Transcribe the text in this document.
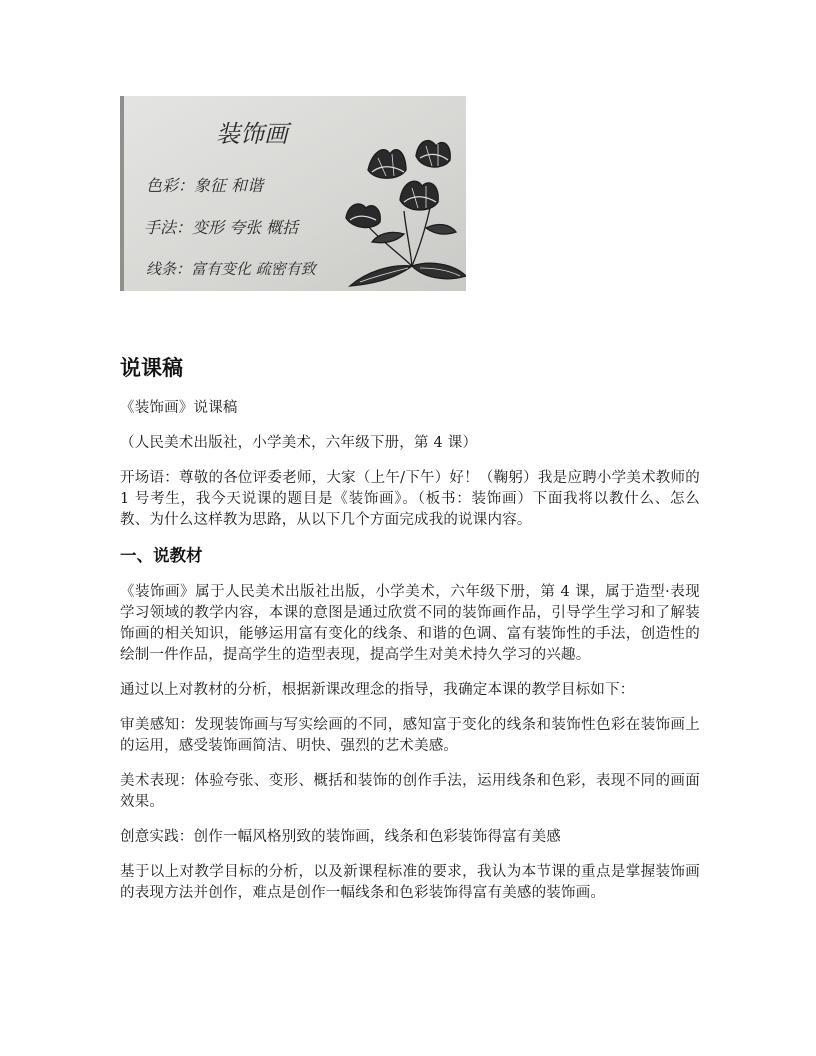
装饰画
色彩：象征 和谐
手法：变形 夸张 概括
线条：富有变化 疏密有致
说课稿

《装饰画》说课稿

（人民美术出版社，小学美术，六年级下册，第 4 课）

开场语：尊敬的各位评委老师，大家（上午/下午）好！（鞠躬）我是应聘小学美术教师的 1 号考生，我今天说课的题目是《装饰画》。（板书：装饰画）下面我将以教什么、怎么教、为什么这样教为思路，从以下几个方面完成我的说课内容。

一、说教材

《装饰画》属于人民美术出版社出版，小学美术，六年级下册，第 4 课，属于造型·表现学习领域的教学内容，本课的意图是通过欣赏不同的装饰画作品，引导学生学习和了解装饰画的相关知识，能够运用富有变化的线条、和谐的色调、富有装饰性的手法，创造性的绘制一件作品，提高学生的造型表现，提高学生对美术持久学习的兴趣。

通过以上对教材的分析，根据新课改理念的指导，我确定本课的教学目标如下：

审美感知：发现装饰画与写实绘画的不同，感知富于变化的线条和装饰性色彩在装饰画上的运用，感受装饰画简洁、明快、强烈的艺术美感。

美术表现：体验夸张、变形、概括和装饰的创作手法，运用线条和色彩，表现不同的画面效果。

创意实践：创作一幅风格别致的装饰画，线条和色彩装饰得富有美感

基于以上对教学目标的分析，以及新课程标准的要求，我认为本节课的重点是掌握装饰画的表现方法并创作，难点是创作一幅线条和色彩装饰得富有美感的装饰画。
